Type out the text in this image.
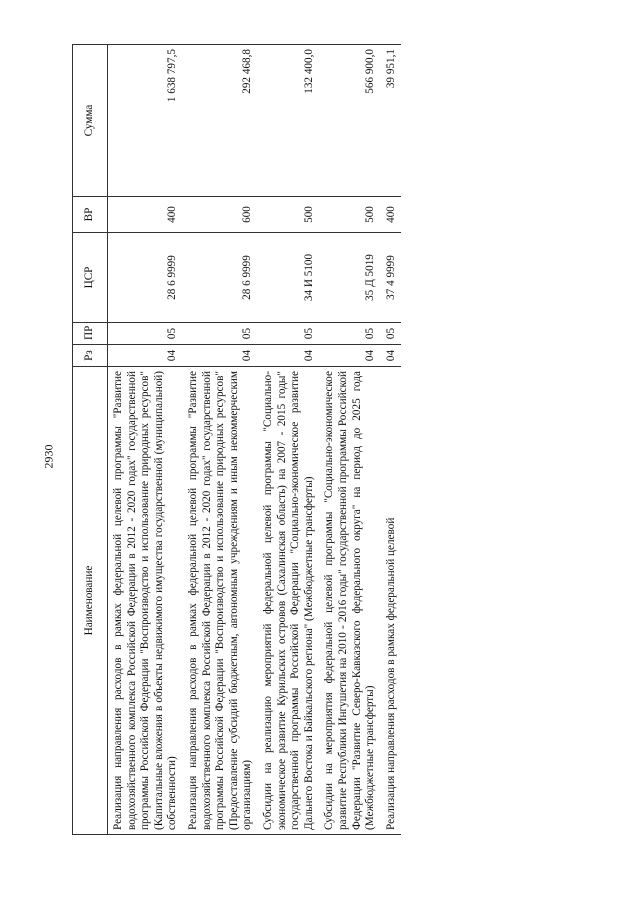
2930
Наименование	Рз	ПР	ЦСР	ВР	Сумма
Реализация направления расходов в рамках федеральной целевой программы "Развитие водохозяйственного комплекса Российской Федерации в 2012 - 2020 годах" государственной программы Российской Федерации "Воспроизводство и использование природных ресурсов" (Капитальные вложения в объекты недвижимого имущества государственной (муниципальной) собственности)	04	05	28 6 9999	400	1 638 797,5
Реализация направления расходов в рамках федеральной целевой программы "Развитие водохозяйственного комплекса Российской Федерации в 2012 - 2020 годах" государственной программы Российской Федерации "Воспроизводство и использование природных ресурсов" (Предоставление субсидий бюджетным, автономным учреждениям и иным некоммерческим организациям)	04	05	28 6 9999	600	292 468,8
Субсидии на реализацию мероприятий федеральной целевой программы "Социально-экономическое развитие Курильских островов (Сахалинская область) на 2007 - 2015 годы" государственной программы Российской Федерации "Социально-экономическое развитие Дальнего Востока и Байкальского региона" (Межбюджетные трансферты)	04	05	34 И 5100	500	132 400,0
Субсидии на мероприятия федеральной целевой программы "Социально-экономическое развитие Республики Ингушетия на 2010 - 2016 годы" государственной программы Российской Федерации "Развитие Северо-Кавказского федерального округа" на период до 2025 года (Межбюджетные трансферты)	04	05	35 Д 5019	500	566 900,0
Реализация направления расходов в рамках федеральной целевой	04	05	37 4 9999	400	39 951,1
